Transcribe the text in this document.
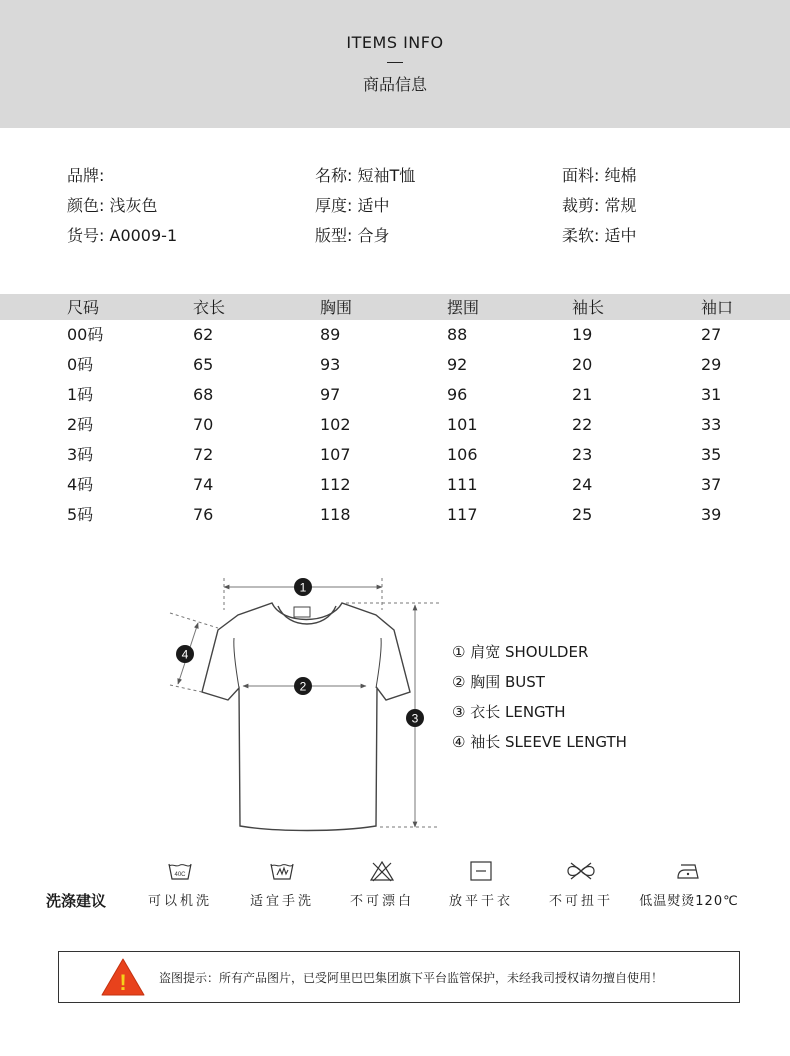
ITEMS INFO
商品信息
品牌:	名称: 短袖T恤	面料: 纯棉
颜色: 浅灰色	厚度: 适中	裁剪: 常规
货号: A0009-1	版型: 合身	柔软: 适中
尺码	衣长	胸围	摆围	袖长	袖口
00码	62	89	88	19	27
0码	65	93	92	20	29
1码	68	97	96	21	31
2码	70	102	101	22	33
3码	72	107	106	23	35
4码	74	112	111	24	37
5码	76	118	117	25	39
1
2
3
4	① 肩宽 SHOULDER
② 胸围 BUST
③ 衣长 LENGTH
④ 袖长 SLEEVE LENGTH
洗涤建议
40C
可以机洗	适宜手洗	不可漂白	放平干衣	不可扭干	低温熨烫120℃
!	盗图提示：所有产品图片，已受阿里巴巴集团旗下平台监管保护，未经我司授权请勿擅自使用！
